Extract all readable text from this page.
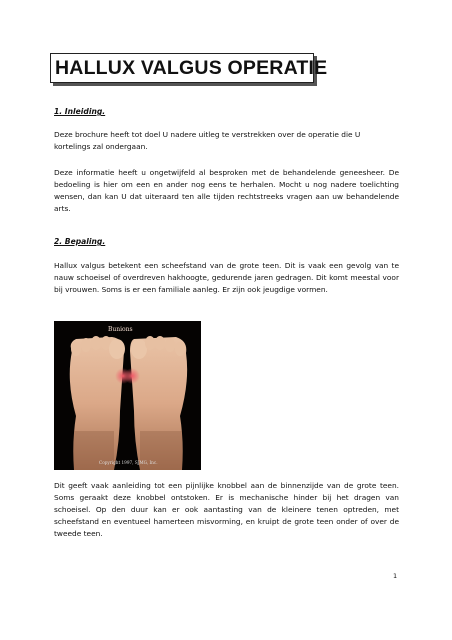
HALLUX VALGUS OPERATIE

1. Inleiding.

Deze brochure heeft tot doel U nadere uitleg te verstrekken over de operatie die U kortelings zal ondergaan.

Deze informatie heeft u ongetwijfeld al besproken met de behandelende geneesheer. De bedoeling is hier om een en ander nog eens te herhalen. Mocht u nog nadere toelichting wensen, dan kan U dat uiteraard ten alle tijden rechtstreeks vragen aan uw behandelende arts.

2. Bepaling.

Hallux valgus betekent een scheefstand van de grote teen. Dit is vaak een gevolg van te nauw schoeisel of overdreven hakhoogte, gedurende jaren gedragen. Dit komt meestal voor bij vrouwen. Soms is er een familiale aanleg. Er zijn ook jeugdige vormen.

Bunions
Copyright 1997, SJMG, Inc.

Dit geeft vaak aanleiding tot een pijnlijke knobbel aan de binnenzijde van de grote teen. Soms geraakt deze knobbel ontstoken. Er is mechanische hinder bij het dragen van schoeisel. Op den duur kan er ook aantasting van de kleinere tenen optreden, met scheefstand en eventueel hamerteen misvorming, en kruipt de grote teen onder of over de tweede teen.

1
